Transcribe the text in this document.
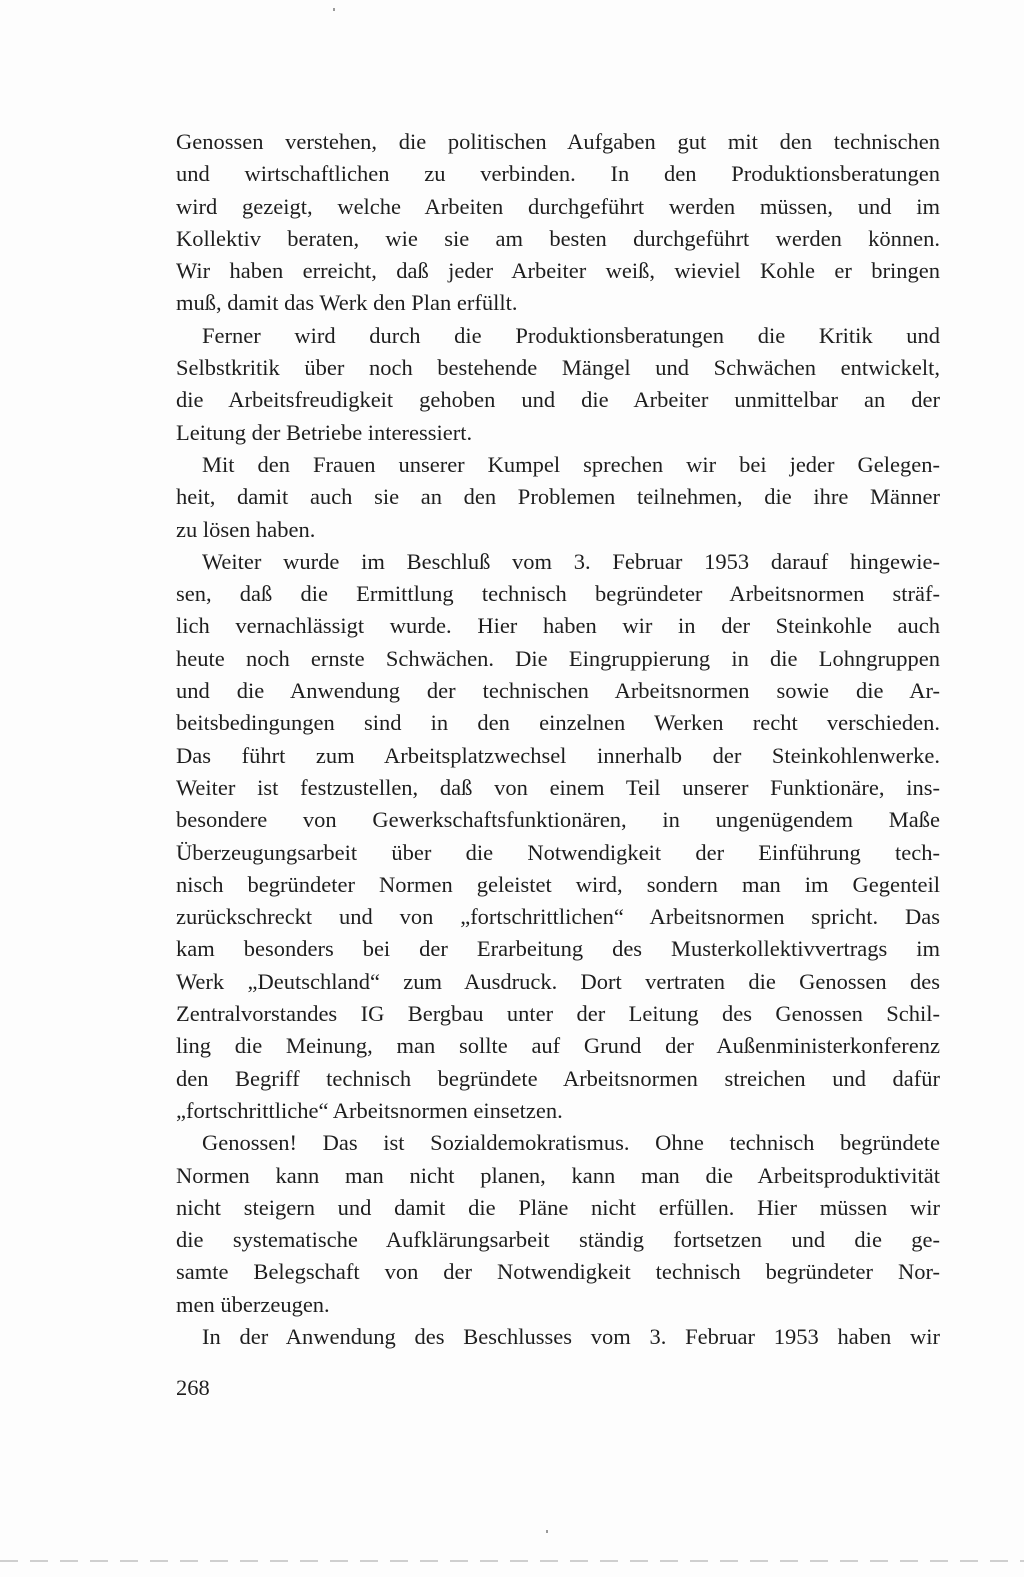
Genossen verstehen, die politischen Aufgaben gut mit den technischen
und wirtschaftlichen zu verbinden. In den Produktionsberatungen
wird gezeigt, welche Arbeiten durchgeführt werden müssen, und im
Kollektiv beraten, wie sie am besten durchgeführt werden können.
Wir haben erreicht, daß jeder Arbeiter weiß, wieviel Kohle er bringen
muß, damit das Werk den Plan erfüllt.
Ferner wird durch die Produktionsberatungen die Kritik und
Selbstkritik über noch bestehende Mängel und Schwächen entwickelt,
die Arbeitsfreudigkeit gehoben und die Arbeiter unmittelbar an der
Leitung der Betriebe interessiert.
Mit den Frauen unserer Kumpel sprechen wir bei jeder Gelegen-
heit, damit auch sie an den Problemen teilnehmen, die ihre Männer
zu lösen haben.
Weiter wurde im Beschluß vom 3. Februar 1953 darauf hingewie-
sen, daß die Ermittlung technisch begründeter Arbeitsnormen sträf-
lich vernachlässigt wurde. Hier haben wir in der Steinkohle auch
heute noch ernste Schwächen. Die Eingruppierung in die Lohngruppen
und die Anwendung der technischen Arbeitsnormen sowie die Ar-
beitsbedingungen sind in den einzelnen Werken recht verschieden.
Das führt zum Arbeitsplatzwechsel innerhalb der Steinkohlenwerke.
Weiter ist festzustellen, daß von einem Teil unserer Funktionäre, ins-
besondere von Gewerkschaftsfunktionären, in ungenügendem Maße
Überzeugungsarbeit über die Notwendigkeit der Einführung tech-
nisch begründeter Normen geleistet wird, sondern man im Gegenteil
zurückschreckt und von „fortschrittlichen“ Arbeitsnormen spricht. Das
kam besonders bei der Erarbeitung des Musterkollektivvertrags im
Werk „Deutschland“ zum Ausdruck. Dort vertraten die Genossen des
Zentralvorstandes IG Bergbau unter der Leitung des Genossen Schil-
ling die Meinung, man sollte auf Grund der Außenministerkonferenz
den Begriff technisch begründete Arbeitsnormen streichen und dafür
„fortschrittliche“ Arbeitsnormen einsetzen.
Genossen! Das ist Sozialdemokratismus. Ohne technisch begründete
Normen kann man nicht planen, kann man die Arbeitsproduktivität
nicht steigern und damit die Pläne nicht erfüllen. Hier müssen wir
die systematische Aufklärungsarbeit ständig fortsetzen und die ge-
samte Belegschaft von der Notwendigkeit technisch begründeter Nor-
men überzeugen.
In der Anwendung des Beschlusses vom 3. Februar 1953 haben wir
268
